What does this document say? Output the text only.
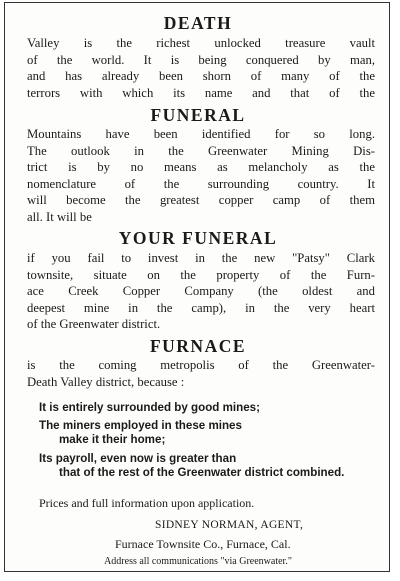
DEATH

Valley is the richest unlocked treasure vault
of the world. It is being conquered by man,
and has already been shorn of many of the
terrors with which its name and that of the

FUNERAL

Mountains have been identified for so long.
The outlook in the Greenwater Mining Dis-
trict is by no means as melancholy as the
nomenclature of the surrounding country. It
will become the greatest copper camp of them
all. It will be

YOUR FUNERAL

if you fail to invest in the new "Patsy" Clark
townsite, situate on the property of the Furn-
ace Creek Copper Company (the oldest and
deepest mine in the camp), in the very heart
of the Greenwater district.

FURNACE

is the coming metropolis of the Greenwater-
Death Valley district, because :

It is entirely surrounded by good mines;
The miners employed in these mines
make it their home;
Its payroll, even now is greater than
that of the rest of the Greenwater district combined.

Prices and full information upon application.

SIDNEY NORMAN, AGENT,

Furnace Townsite Co., Furnace, Cal.

Address all communications "via Greenwater."
